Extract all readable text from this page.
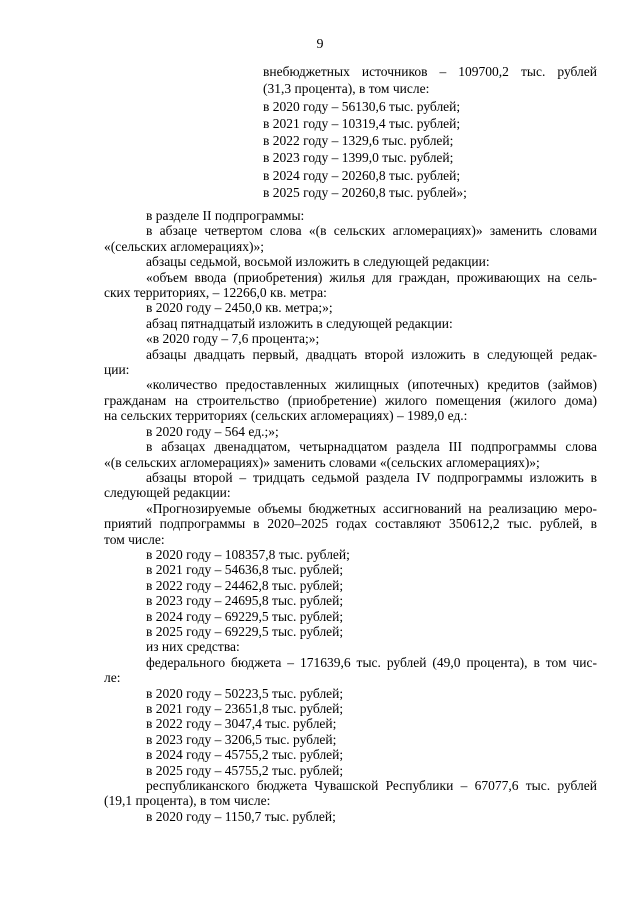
9
внебюджетных источников – 109700,2 тыс. рублей
(31,3 процента), в том числе:
в 2020 году – 56130,6 тыс. рублей;
в 2021 году – 10319,4 тыс. рублей;
в 2022 году – 1329,6 тыс. рублей;
в 2023 году – 1399,0 тыс. рублей;
в 2024 году – 20260,8 тыс. рублей;
в 2025 году – 20260,8 тыс. рублей»;
в разделе II подпрограммы:
в абзаце четвертом слова «(в сельских агломерациях)» заменить словами
«(сельских агломерациях)»;
абзацы седьмой, восьмой изложить в следующей редакции:
«объем ввода (приобретения) жилья для граждан, проживающих на сель-
ских территориях, – 12266,0 кв. метра:
в 2020 году – 2450,0 кв. метра;»;
абзац пятнадцатый изложить в следующей редакции:
«в 2020 году – 7,6 процента;»;
абзацы двадцать первый, двадцать второй изложить в следующей редак-
ции:
«количество предоставленных жилищных (ипотечных) кредитов (займов)
гражданам на строительство (приобретение) жилого помещения (жилого дома)
на сельских территориях (сельских агломерациях) – 1989,0 ед.:
в 2020 году – 564 ед.;»;
в абзацах двенадцатом, четырнадцатом раздела III подпрограммы слова
«(в сельских агломерациях)» заменить словами «(сельских агломерациях)»;
абзацы второй – тридцать седьмой раздела IV подпрограммы изложить в
следующей редакции:
«Прогнозируемые объемы бюджетных ассигнований на реализацию меро-
приятий подпрограммы в 2020–2025 годах составляют 350612,2 тыс. рублей, в
том числе:
в 2020 году – 108357,8 тыс. рублей;
в 2021 году – 54636,8 тыс. рублей;
в 2022 году – 24462,8 тыс. рублей;
в 2023 году – 24695,8 тыс. рублей;
в 2024 году – 69229,5 тыс. рублей;
в 2025 году – 69229,5 тыс. рублей;
из них средства:
федерального бюджета – 171639,6 тыс. рублей (49,0 процента), в том чис-
ле:
в 2020 году – 50223,5 тыс. рублей;
в 2021 году – 23651,8 тыс. рублей;
в 2022 году – 3047,4 тыс. рублей;
в 2023 году – 3206,5 тыс. рублей;
в 2024 году – 45755,2 тыс. рублей;
в 2025 году – 45755,2 тыс. рублей;
республиканского бюджета Чувашской Республики – 67077,6 тыс. рублей
(19,1 процента), в том числе:
в 2020 году – 1150,7 тыс. рублей;
